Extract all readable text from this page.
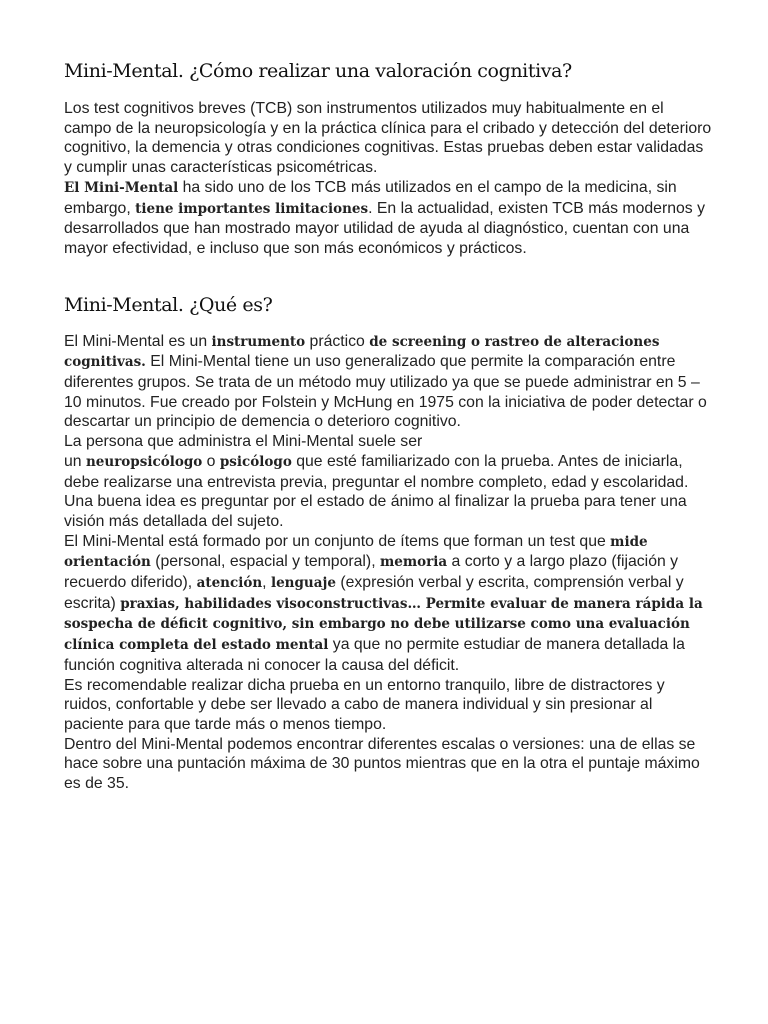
Mini-Mental. ¿Cómo realizar una valoración cognitiva?

Los test cognitivos breves (TCB) son instrumentos utilizados muy habitualmente en el campo de la neuropsicología y en la práctica clínica para el cribado y detección del deterioro cognitivo, la demencia y otras condiciones cognitivas. Estas pruebas deben estar validadas y cumplir unas características psicométricas.

El Mini-Mental ha sido uno de los TCB más utilizados en el campo de la medicina, sin embargo, tiene importantes limitaciones. En la actualidad, existen TCB más modernos y desarrollados que han mostrado mayor utilidad de ayuda al diagnóstico, cuentan con una mayor efectividad, e incluso que son más económicos y prácticos.

Mini-Mental. ¿Qué es?

El Mini-Mental es un instrumento práctico de screening o rastreo de alteraciones cognitivas. El Mini-Mental tiene un uso generalizado que permite la comparación entre diferentes grupos. Se trata de un método muy utilizado ya que se puede administrar en 5 – 10 minutos. Fue creado por Folstein y McHung en 1975 con la iniciativa de poder detectar o descartar un principio de demencia o deterioro cognitivo.

La persona que administra el Mini-Mental suele ser
un neuropsicólogo o psicólogo que esté familiarizado con la prueba. Antes de iniciarla, debe realizarse una entrevista previa, preguntar el nombre completo, edad y escolaridad. Una buena idea es preguntar por el estado de ánimo al finalizar la prueba para tener una visión más detallada del sujeto.

El Mini-Mental está formado por un conjunto de ítems que forman un test que mide orientación (personal, espacial y temporal), memoria a corto y a largo plazo (fijación y recuerdo diferido), atención, lenguaje (expresión verbal y escrita, comprensión verbal y escrita) praxias, habilidades visoconstructivas… Permite evaluar de manera rápida la sospecha de déficit cognitivo, sin embargo no debe utilizarse como una evaluación clínica completa del estado mental ya que no permite estudiar de manera detallada la función cognitiva alterada ni conocer la causa del déficit.

Es recomendable realizar dicha prueba en un entorno tranquilo, libre de distractores y ruidos, confortable y debe ser llevado a cabo de manera individual y sin presionar al paciente para que tarde más o menos tiempo.

Dentro del Mini-Mental podemos encontrar diferentes escalas o versiones: una de ellas se hace sobre una puntación máxima de 30 puntos mientras que en la otra el puntaje máximo es de 35.
